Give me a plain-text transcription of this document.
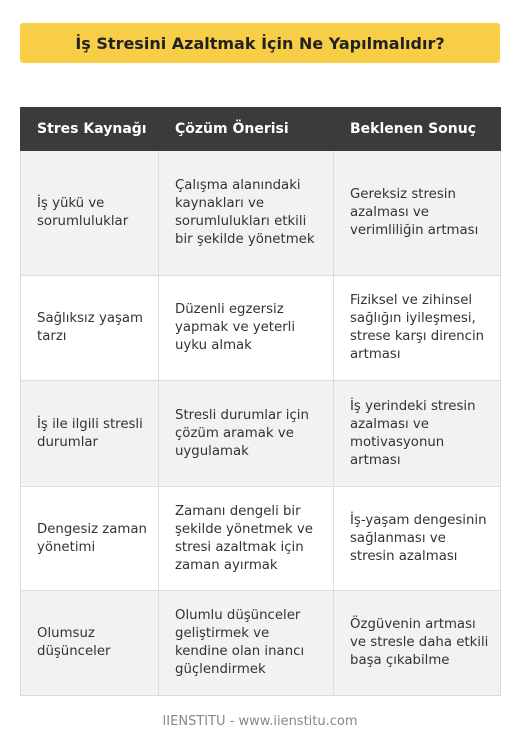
İş Stresini Azaltmak İçin Ne Yapılmalıdır?
Stres Kaynağı	Çözüm Önerisi	Beklenen Sonuç
İş yükü ve sorumluluklar	Çalışma alanındaki kaynakları ve sorumlulukları etkili bir şekilde yönetmek	Gereksiz stresin azalması ve verimliliğin artması
Sağlıksız yaşam tarzı	Düzenli egzersiz yapmak ve yeterli uyku almak	Fiziksel ve zihinsel sağlığın iyileşmesi, strese karşı direncin artması
İş ile ilgili stresli durumlar	Stresli durumlar için çözüm aramak ve uygulamak	İş yerindeki stresin azalması ve motivasyonun artması
Dengesiz zaman yönetimi	Zamanı dengeli bir şekilde yönetmek ve stresi azaltmak için zaman ayırmak	İş-yaşam dengesinin sağlanması ve stresin azalması
Olumsuz düşünceler	Olumlu düşünceler geliştirmek ve kendine olan inancı güçlendirmek	Özgüvenin artması ve stresle daha etkili başa çıkabilme
IIENSTITU - www.iienstitu.com
